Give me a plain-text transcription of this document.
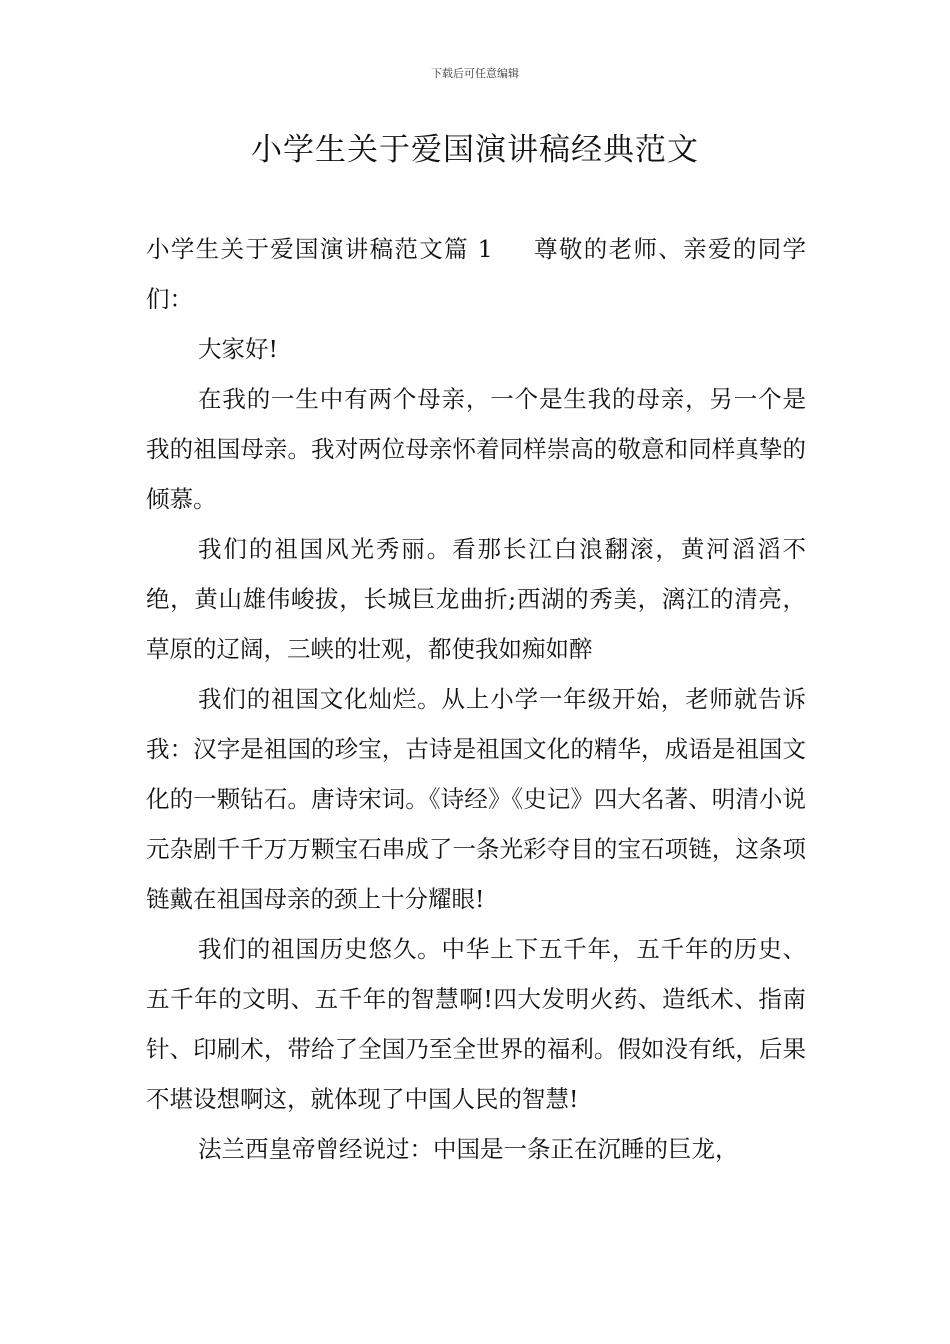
下载后可任意编辑
小学生关于爱国演讲稿经典范文

小学生关于爱国演讲稿范文篇 1 尊敬的老师、亲爱的同学们：

大家好!

在我的一生中有两个母亲，一个是生我的母亲，另一个是我的祖国母亲。我对两位母亲怀着同样崇高的敬意和同样真挚的倾慕。

我们的祖国风光秀丽。看那长江白浪翻滚，黄河滔滔不绝，黄山雄伟峻拔，长城巨龙曲折;西湖的秀美，漓江的清亮，草原的辽阔，三峡的壮观，都使我如痴如醉

我们的祖国文化灿烂。从上小学一年级开始，老师就告诉我：汉字是祖国的珍宝，古诗是祖国文化的精华，成语是祖国文化的一颗钻石。唐诗宋词。《诗经》《史记》四大名著、明清小说元杂剧千千万万颗宝石串成了一条光彩夺目的宝石项链，这条项链戴在祖国母亲的颈上十分耀眼!

我们的祖国历史悠久。中华上下五千年，五千年的历史、五千年的文明、五千年的智慧啊!四大发明火药、造纸术、指南针、印刷术，带给了全国乃至全世界的福利。假如没有纸，后果不堪设想啊这，就体现了中国人民的智慧!

法兰西皇帝曾经说过：中国是一条正在沉睡的巨龙，
